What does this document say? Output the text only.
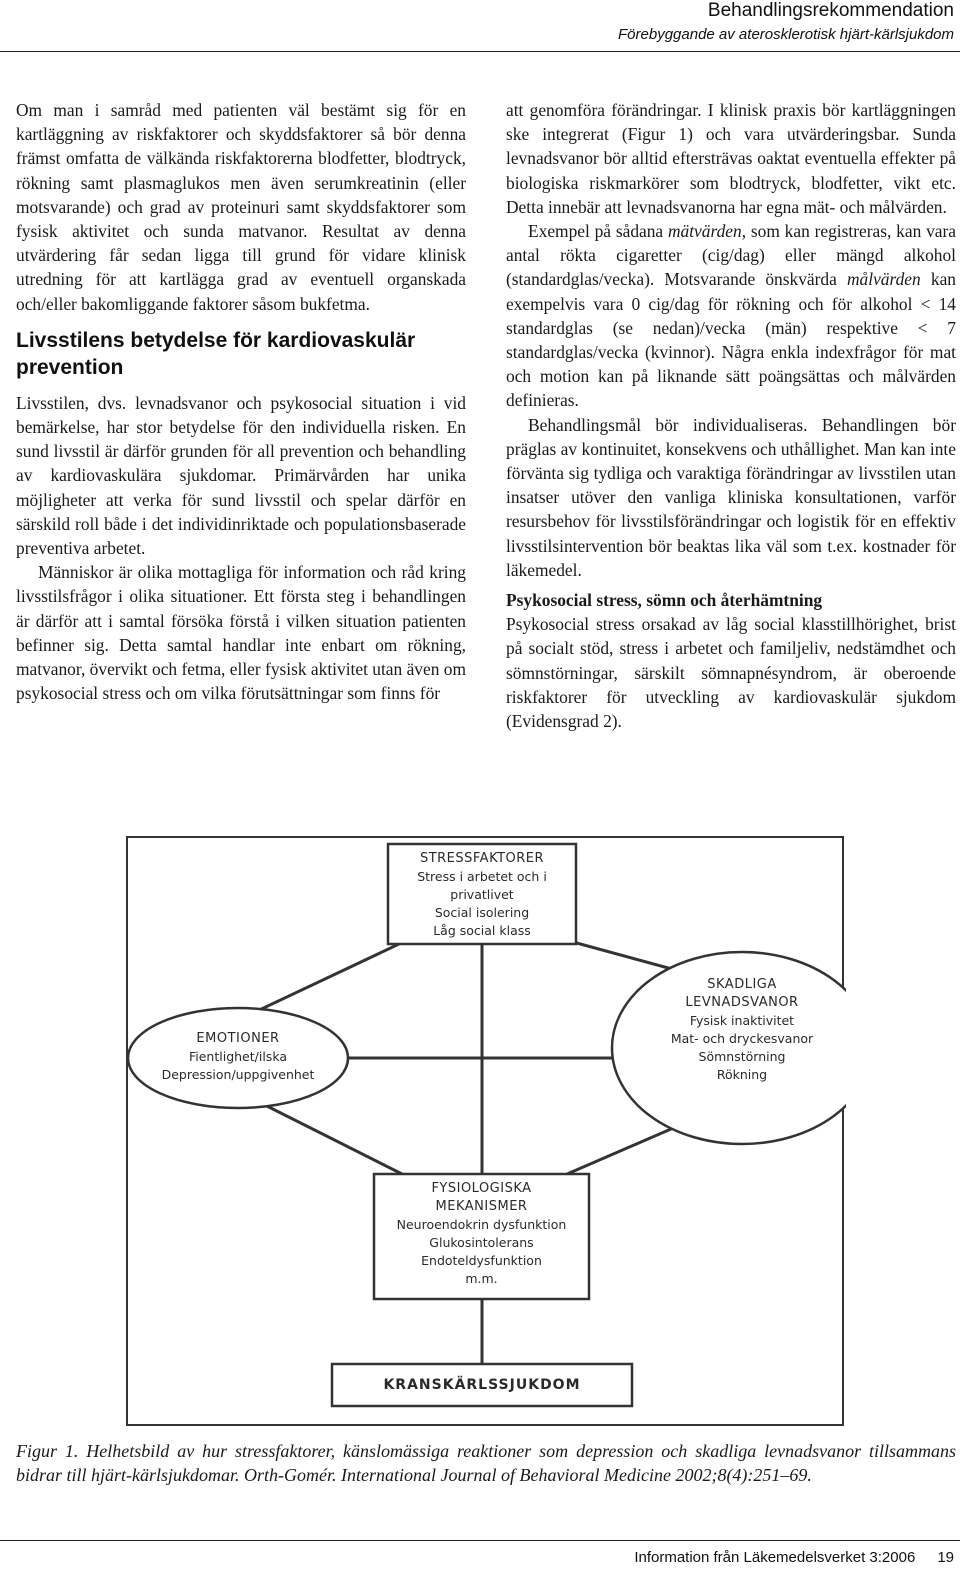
Behandlingsrekommendation
Förebyggande av aterosklerotisk hjärt-kärlsjukdom

Om man i samråd med patienten väl bestämt sig för en kartläggning av riskfaktorer och skyddsfaktorer så bör denna främst omfatta de välkända riskfaktorerna blodfetter, blodtryck, rökning samt plasmaglukos men även serumkreatinin (eller motsvarande) och grad av proteinuri samt skyddsfaktorer som fysisk aktivitet och sunda matvanor. Resultat av denna utvärdering får sedan ligga till grund för vidare klinisk utredning för att kartlägga grad av eventuell organskada och/eller bakomliggande faktorer såsom bukfetma.

Livsstilens betydelse för kardiovaskulär prevention

Livsstilen, dvs. levnadsvanor och psykosocial situation i vid bemärkelse, har stor betydelse för den individuella risken. En sund livsstil är därför grunden för all prevention och behandling av kardiovaskulära sjukdomar. Primärvården har unika möjligheter att verka för sund livsstil och spelar därför en särskild roll både i det individinriktade och populationsbaserade preventiva arbetet.

Människor är olika mottagliga för information och råd kring livsstilsfrågor i olika situationer. Ett första steg i behandlingen är därför att i samtal försöka förstå i vilken situation patienten befinner sig. Detta samtal handlar inte enbart om rökning, matvanor, övervikt och fetma, eller fysisk aktivitet utan även om psykosocial stress och om vilka förutsättningar som finns för

att genomföra förändringar. I klinisk praxis bör kartläggningen ske integrerat (Figur 1) och vara utvärderingsbar. Sunda levnadsvanor bör alltid eftersträvas oaktat eventuella effekter på biologiska riskmarkörer som blodtryck, blodfetter, vikt etc. Detta innebär att levnadsvanorna har egna mät- och målvärden.

Exempel på sådana mätvärden, som kan registreras, kan vara antal rökta cigaretter (cig/dag) eller mängd alkohol (standardglas/vecka). Motsvarande önskvärda målvärden kan exempelvis vara 0 cig/dag för rökning och för alkohol < 14 standardglas (se nedan)/vecka (män) respektive < 7 standardglas/vecka (kvinnor). Några enkla indexfrågor för mat och motion kan på liknande sätt poängsättas och målvärden definieras.

Behandlingsmål bör individualiseras. Behandlingen bör präglas av kontinuitet, konsekvens och uthållighet. Man kan inte förvänta sig tydliga och varaktiga förändringar av livsstilen utan insatser utöver den vanliga kliniska konsultationen, varför resursbehov för livsstilsförändringar och logistik för en effektiv livsstilsintervention bör beaktas lika väl som t.ex. kostnader för läkemedel.

Psykosocial stress, sömn och återhämtning

Psykosocial stress orsakad av låg social klasstillhörighet, brist på socialt stöd, stress i arbetet och familjeliv, nedstämdhet och sömnstörningar, särskilt sömnapnésyndrom, är oberoende riskfaktorer för utveckling av kardiovaskulär sjukdom (Evidensgrad 2).

STRESSFAKTORER
Stress i arbetet och i
privatlivet
Social isolering
Låg social klass
EMOTIONER
Fientlighet/ilska
Depression/uppgivenhet
SKADLIGA
LEVNADSVANOR
Fysisk inaktivitet
Mat- och dryckesvanor
Sömnstörning
Rökning
FYSIOLOGISKA
MEKANISMER
Neuroendokrin dysfunktion
Glukosintolerans
Endoteldysfunktion
m.m.
KRANSKÄRLSSJUKDOM
Figur 1. Helhetsbild av hur stressfaktorer, känslomässiga reaktioner som depression och skadliga levnadsvanor tillsammans bidrar till hjärt-kärlsjukdomar. Orth-Gomér. International Journal of Behavioral Medicine 2002;8(4):251–69.
Information från Läkemedelsverket 3:2006 19
